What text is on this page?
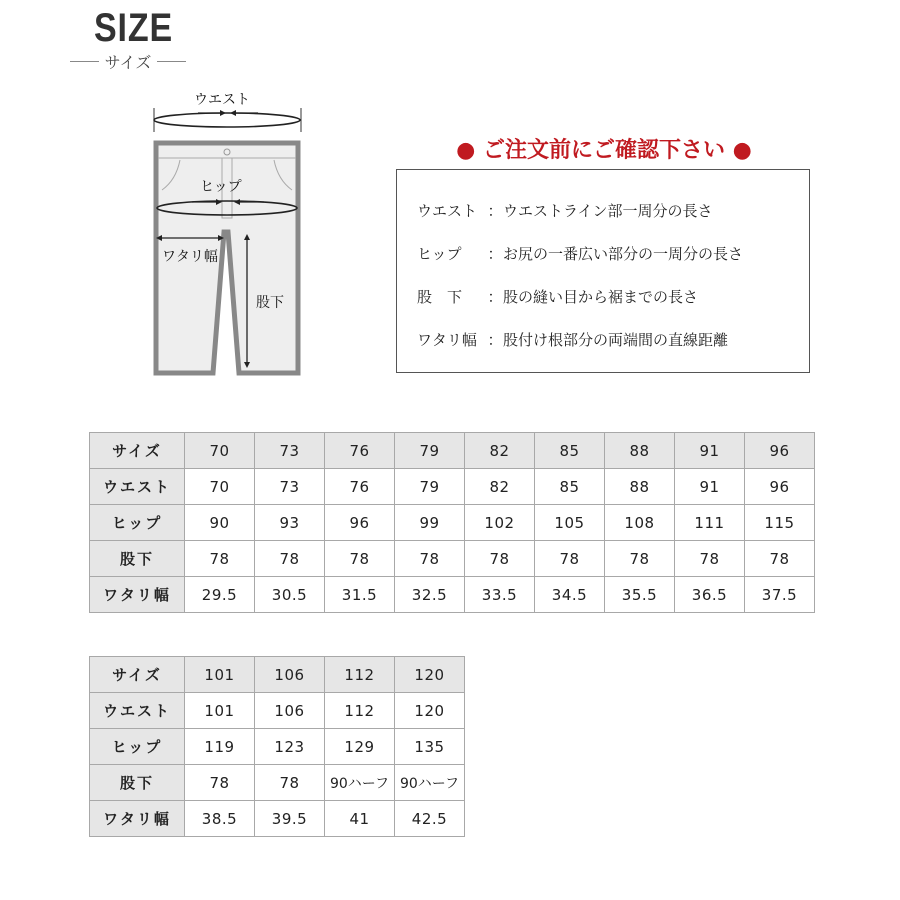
SIZE
サイズ
ウエスト
ヒップ
ワタリ幅
股下
● ご注文前にご確認下さい ●
ウエスト ： ウエストライン部一周分の長さ
ヒップ	： お尻の一番広い部分の一周分の長さ
股　下	： 股の縫い目から裾までの長さ
ワタリ幅 ： 股付け根部分の両端間の直線距離
サイズ	70	73	76	79	82	85	88	91	96
ウエスト	70	73	76	79	82	85	88	91	96
ヒップ	90	93	96	99	102	105	108	111	115
股下	78	78	78	78	78	78	78	78	78
ワタリ幅	29.5	30.5	31.5	32.5	33.5	34.5	35.5	36.5	37.5
サイズ	101	106	112	120
ウエスト	101	106	112	120
ヒップ	119	123	129	135
股下	78	78	90ハーフ	90ハーフ
ワタリ幅	38.5	39.5	41	42.5
